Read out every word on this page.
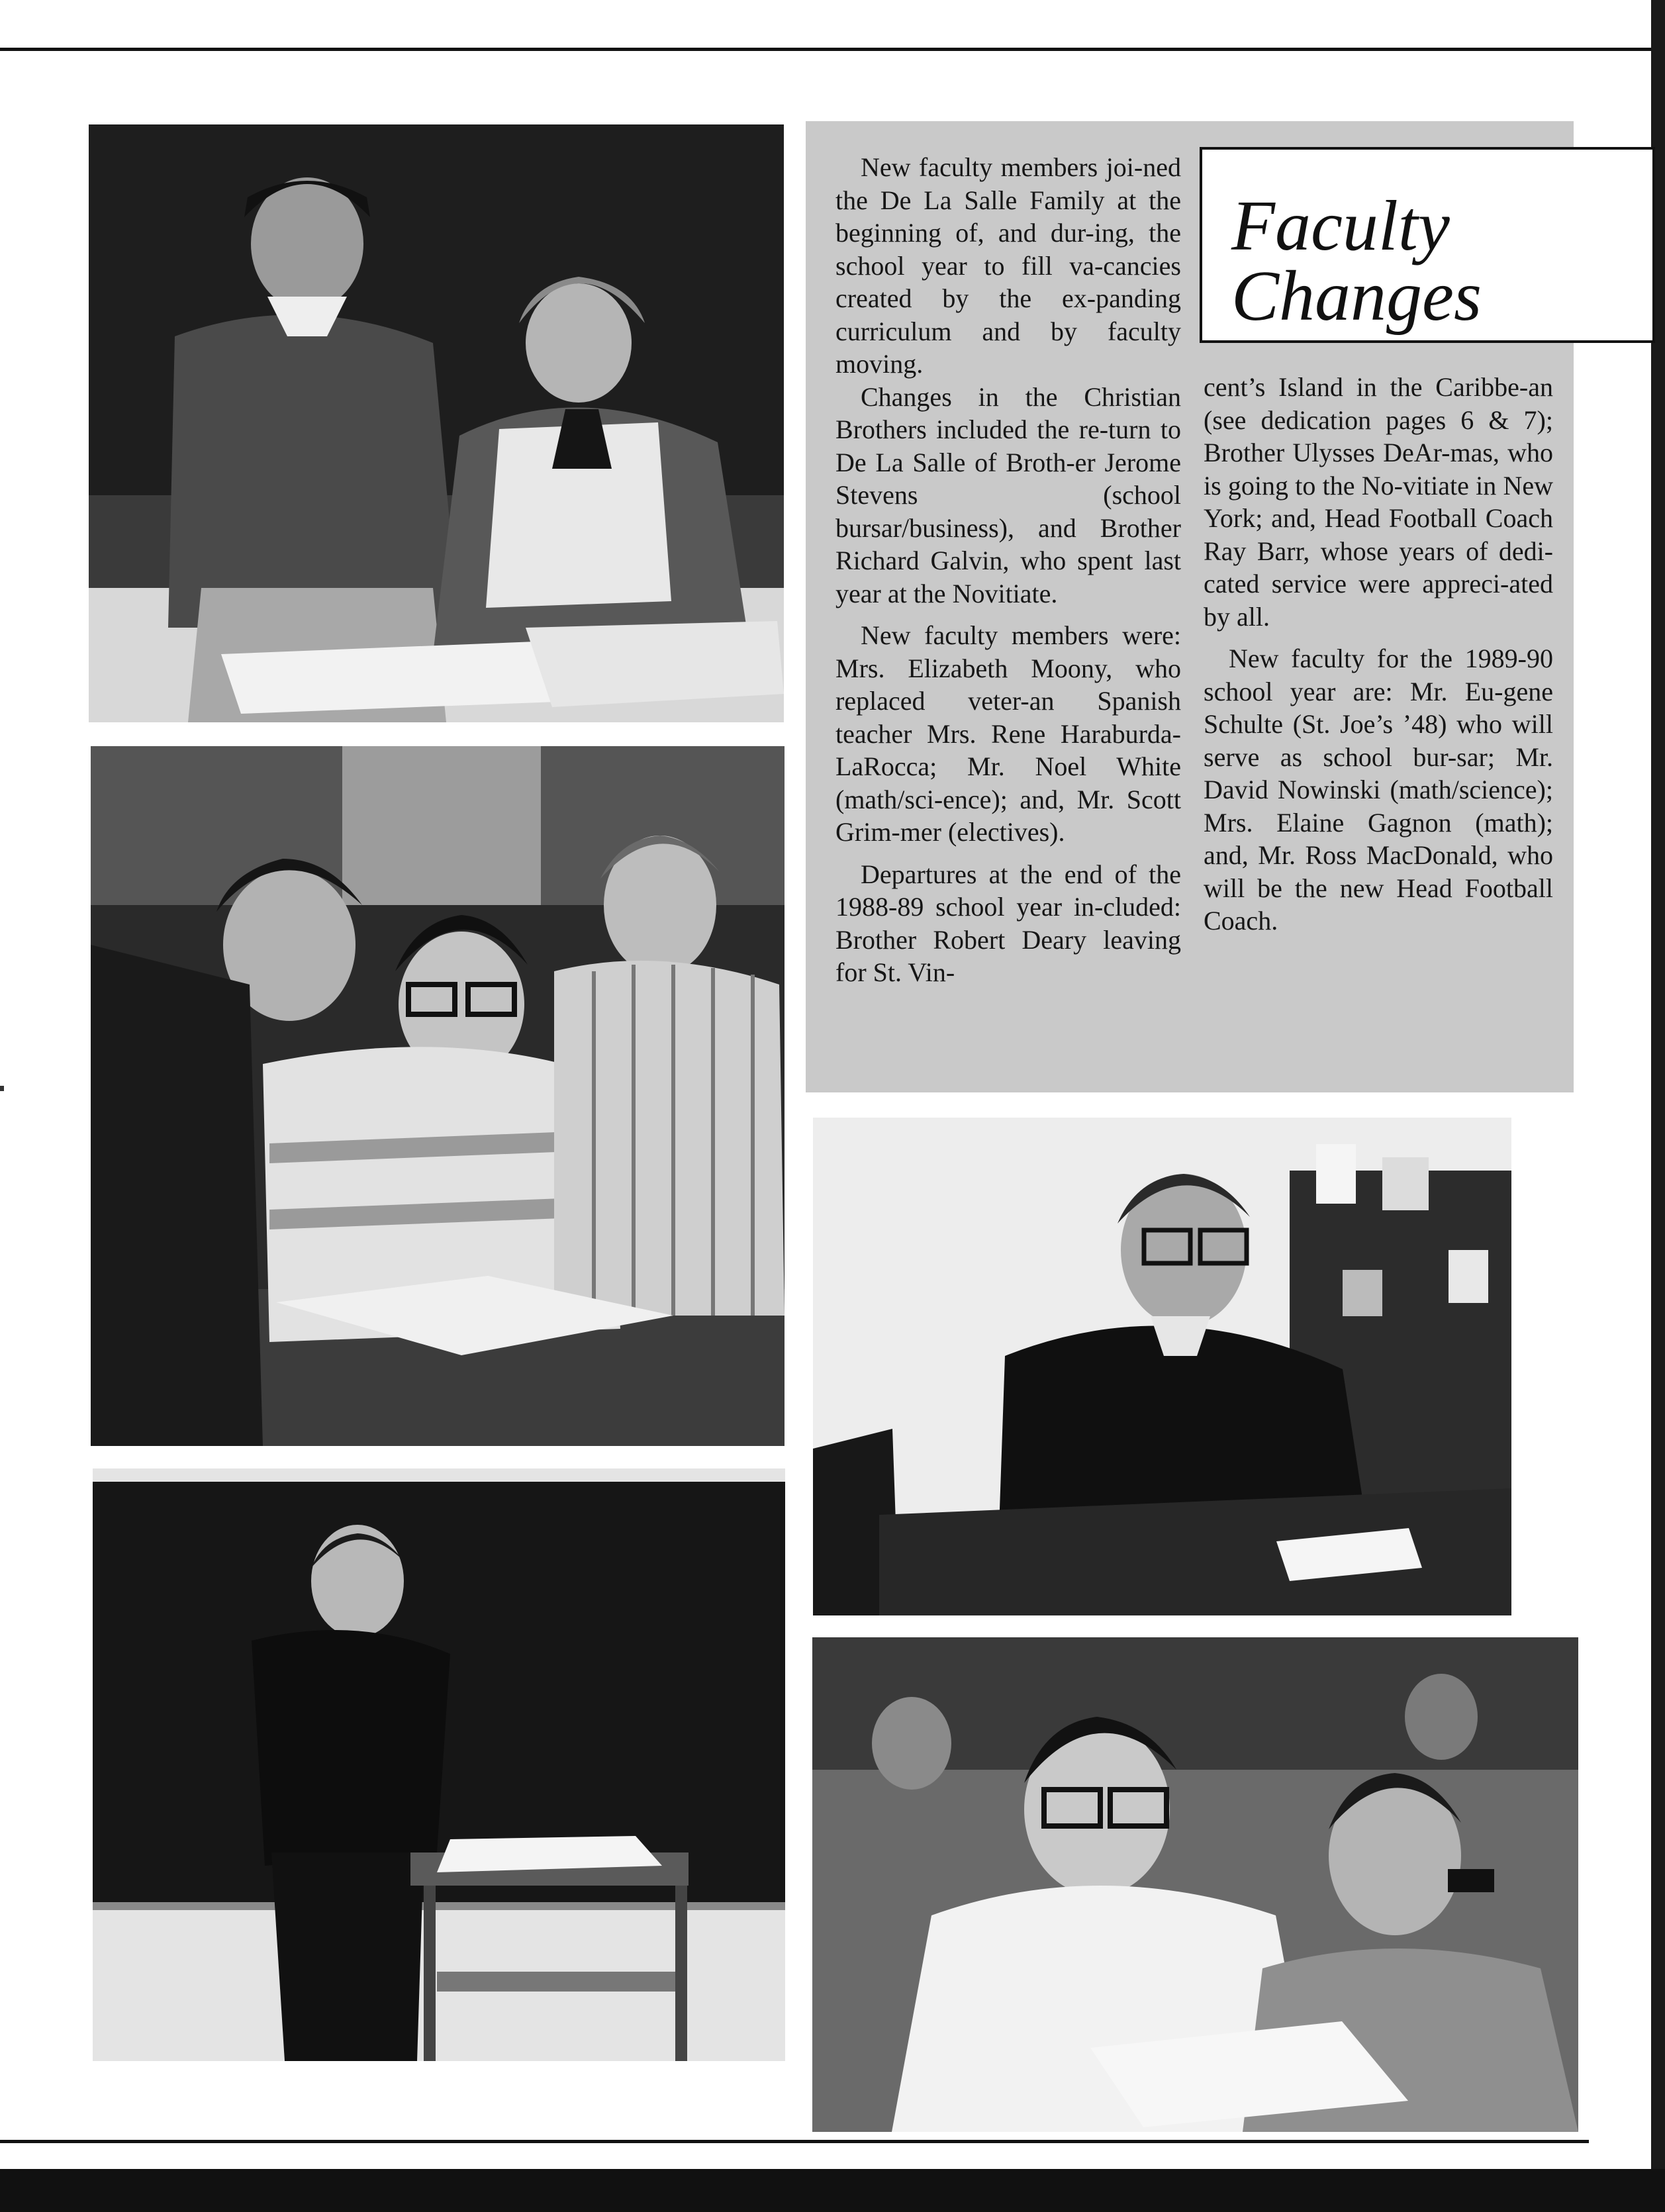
New faculty members joi-ned the De La Salle Family at the beginning of, and dur-ing, the school year to fill va-cancies created by the ex-panding curriculum and by faculty moving.

Changes in the Christian Brothers included the re-turn to De La Salle of Broth-er Jerome Stevens (school bursar/business), and Brother Richard Galvin, who spent last year at the Novitiate.

New faculty members were: Mrs. Elizabeth Moony, who replaced veter-an Spanish teacher Mrs. Rene Haraburda-LaRocca; Mr. Noel White (math/sci-ence); and, Mr. Scott Grim-mer (electives).

Departures at the end of the 1988-89 school year in-cluded: Brother Robert Deary leaving for St. Vin-

cent’s Island in the Caribbe-an (see dedication pages 6 & 7); Brother Ulysses DeAr-mas, who is going to the No-vitiate in New York; and, Head Football Coach Ray Barr, whose years of dedi-cated service were appreci-ated by all.

New faculty for the 1989-90 school year are: Mr. Eu-gene Schulte (St. Joe’s ’48) who will serve as school bur-sar; Mr. David Nowinski (math/science); Mrs. Elaine Gagnon (math); and, Mr. Ross MacDonald, who will be the new Head Football Coach.

Faculty
Changes
